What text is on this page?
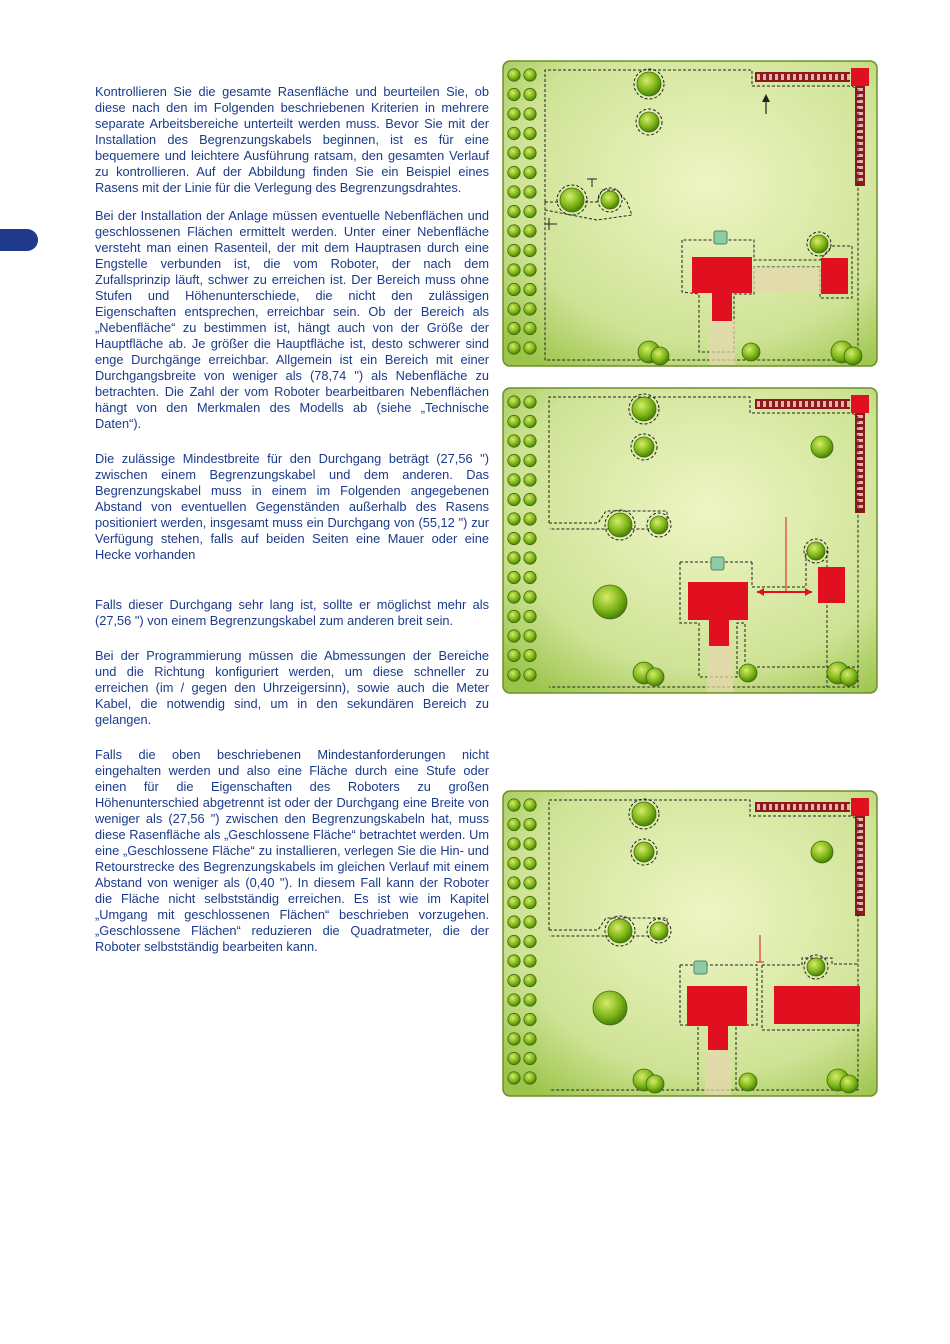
Kontrollieren Sie die gesamte Rasenfläche und beurteilen Sie, ob diese nach den im Folgenden beschriebenen Kriterien in mehrere separate Arbeitsbereiche unterteilt werden muss. Bevor Sie mit der Installation des Begrenzungskabels beginnen, ist es für eine bequemere und leichtere Ausführung ratsam, den gesamten Verlauf zu kontrollieren. Auf der Abbildung finden Sie ein Beispiel eines Rasens mit der Linie für die Verlegung des Begrenzungsdrahtes.

Bei der Installation der Anlage müssen eventuelle Nebenflächen und geschlossenen Flächen ermittelt werden. Unter einer Nebenfläche versteht man einen Rasenteil, der mit dem Hauptrasen durch eine Engstelle verbunden ist, die vom Roboter, der nach dem Zufallsprinzip läuft, schwer zu erreichen ist. Der Bereich muss ohne Stufen und Höhenunterschiede, die nicht den zulässigen Eigenschaften entsprechen, erreichbar sein. Ob der Bereich als „Nebenfläche“ zu bestimmen ist, hängt auch von der Größe der Hauptfläche ab. Je größer die Hauptfläche ist, desto schwerer sind enge Durchgänge erreichbar. Allgemein ist ein Bereich mit einer Durchgangsbreite von weniger als (78,74 ") als Nebenfläche zu betrachten. Die Zahl der vom Roboter bearbeitbaren Nebenflächen hängt von den Merkmalen des Modells ab (siehe „Technische Daten“).

Die zulässige Mindestbreite für den Durchgang beträgt (27,56 ") zwischen einem Begrenzungskabel und dem anderen. Das Begrenzungskabel muss in einem im Folgenden angegebenen Abstand von eventuellen Gegenständen außerhalb des Rasens positioniert werden, insgesamt muss ein Durchgang von (55,12 ") zur Verfügung stehen, falls auf beiden Seiten eine Mauer oder eine Hecke vorhanden

Falls dieser Durchgang sehr lang ist, sollte er möglichst mehr als (27,56 ") von einem Begrenzungskabel zum anderen breit sein.

Bei der Programmierung müssen die Abmessungen der Bereiche und die Richtung konfiguriert werden, um diese schneller zu erreichen (im / gegen den Uhrzeigersinn), sowie auch die Meter Kabel, die notwendig sind, um in den sekundären Bereich zu gelangen.

Falls die oben beschriebenen Mindestanforderungen nicht eingehalten werden und also eine Fläche durch eine Stufe oder einen für die Eigenschaften des Roboters zu großen Höhenunterschied abgetrennt ist oder der Durchgang eine Breite von weniger als (27,56 ") zwischen den Begrenzungskabeln hat, muss diese Rasenfläche als „Geschlossene Fläche“ betrachtet werden. Um eine „Geschlossene Fläche“ zu installieren, verlegen Sie die Hin- und Retourstrecke des Begrenzungskabels im gleichen Verlauf mit einem Abstand von weniger als (0,40 "). In diesem Fall kann der Roboter die Fläche nicht selbstständig erreichen. Es ist wie im Kapitel „Umgang mit geschlossenen Flächen“ beschrieben vorzugehen. „Geschlossene Flächen“ reduzieren die Quadratmeter, die der Roboter selbstständig bearbeiten kann.
